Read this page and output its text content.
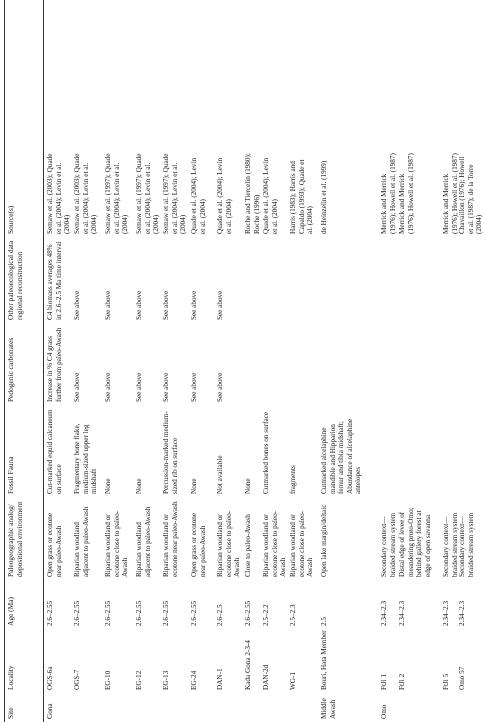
Site
Locality
Age (Ma)
Paleogeographic analog/ depositional environment
Fossil Fauna
Pedogenic carbonates
Other paleoecological data regional reconstruction
Source(s)
Gona
OGS-6a
2.6–2.55
Open grass or ecotone near paleo-Awash
Cut-marked equid calcaneum on surface
Increase in % C4 grass further from paleo-Awash
C4 biomass averages 48% in 2.6–2.5 Ma time interval
Semaw et al. (2003); Quade et al. (2004); Levin et al. (2004)
OGS-7
2.6–2.55
Riparian woodland adjacent to paleo-Awash
Fragmentary bone flake, medium-sized upper leg midshaft
See above
See above
Semaw et al. (2003); Quade et al. (2004); Levin et al. (2004)
EG-10
2.6–2.55
Riparian woodland or ecotone close to paleo-Awash
None
See above
See above
Semaw et al. (1997); Quade et al. (2004); Levin et al. (2004)
EG-12
2.6–2.55
Riparian woodland adjacent to paleo-Awash
None
See above
See above
Semaw et al. (1997); Quade et al. (2004); Levin et al. (2004)
EG-13
2.6–2.55
Riparian woodland or ecotone near paleo-Awash
Percussion-marked medium-sized rib on surface
See above
See above
Semaw et al. (1997); Quade et al. (2004); Levin et al. (2004)
EG-24
2.6–2.55
Open grass or ecotone near paleo-Awash
None
See above
See above
Quade et al. (2004); Levin et al. (2004)
DAN-1
2.6–2.5
Riparian woodland or ecotone close to paleo-Awash
Not available
See above
See above
Quade et al. (2004); Levin et al. (2004)
Kada Gona 2-3-4
2.6–2.55
Close to paleo-Awash
None
Roche and Tiercelin (1980); Roche (1996)
DAN-2d
2.5–2.2
Riparian woodland or ecotone close to paleo-Awash
Cutmarked bones on surface
Quade et al. (2004); Levin et al. (2004)
WG-1
2.5–2.3
Riparian woodland or ecotone close to paleo-Awash
fragments
Harris (1983); Harris and Capaldo (1993); Quade et al. (2004)
Middle Awash
Bouri, Hata Member
2.5
Open lake margin/deltaic
Cutmarked alcelaphine mandible and Hipparion femur and tibia midshaft; Abundance of alcelaphine antelopes
de Heinzelin et al. (1999)
Omo
FtJi 1
2.34–2.3
Secondary context—braided stream system
Merrick and Merrick (1976); Howell et al. (1987)
FtJi 2
2.34–2.3
Distal edge of levee of meandering proto-Omo; behind gallery forest at edge of open savanna
Merrick and Merrick (1976); Howell et al. (1987)
FtJi 5
2.34–2.3
Secondary context—braided stream system
Merrick and Merrick (1976); Howell et al. (1987)
Omo 57
2.34–2.3
Secondary context—braided stream system
Chavaillon (1976); Howell et al. (1987); de la Torre (2004)
